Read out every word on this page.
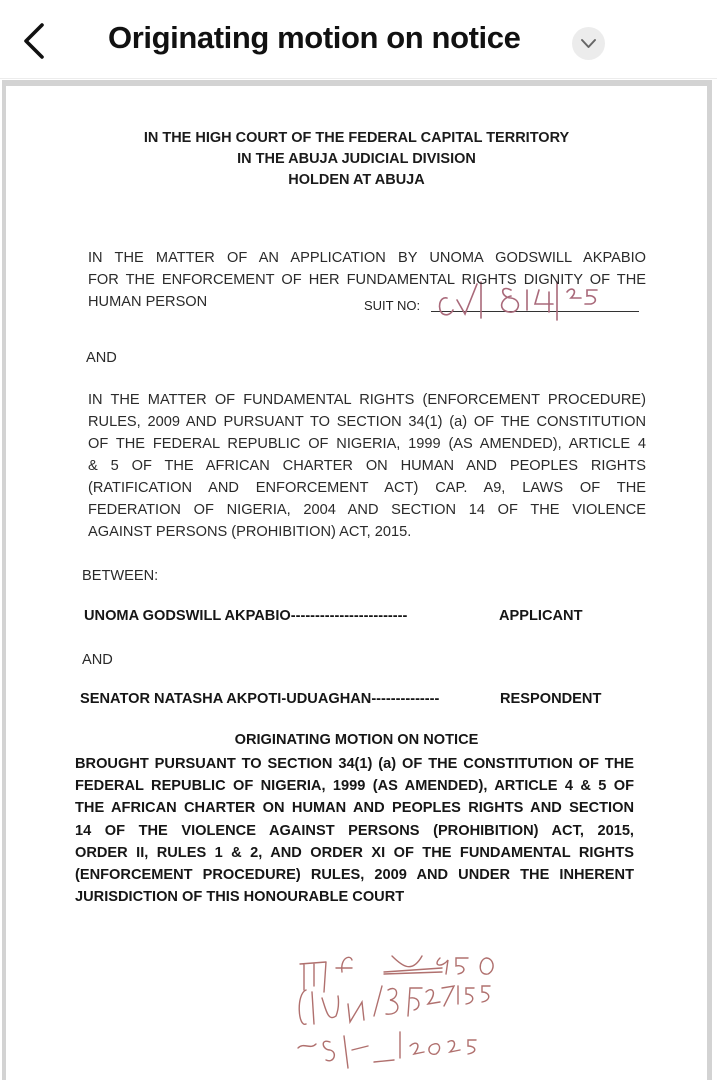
Originating motion on notice
IN THE HIGH COURT OF THE FEDERAL CAPITAL TERRITORY
IN THE ABUJA JUDICIAL DIVISION
HOLDEN AT ABUJA
SUIT NO:
IN THE MATTER OF AN APPLICATION BY UNOMA GODSWILL AKPABIO
FOR THE ENFORCEMENT OF HER FUNDAMENTAL RIGHTS DIGNITY OF THE
HUMAN PERSON
AND
IN THE MATTER OF FUNDAMENTAL RIGHTS (ENFORCEMENT PROCEDURE)
RULES, 2009 AND PURSUANT TO SECTION 34(1) (a) OF THE CONSTITUTION
OF THE FEDERAL REPUBLIC OF NIGERIA, 1999 (AS AMENDED), ARTICLE 4
& 5 OF THE AFRICAN CHARTER ON HUMAN AND PEOPLES RIGHTS
(RATIFICATION AND ENFORCEMENT ACT) CAP. A9, LAWS OF THE
FEDERATION OF NIGERIA, 2004 AND SECTION 14 OF THE VIOLENCE
AGAINST PERSONS (PROHIBITION) ACT, 2015.
BETWEEN:
UNOMA GODSWILL AKPABIO------------------------	APPLICANT
AND
SENATOR NATASHA AKPOTI-UDUAGHAN--------------	RESPONDENT
ORIGINATING MOTION ON NOTICE
BROUGHT PURSUANT TO SECTION 34(1) (a) OF THE CONSTITUTION OF THE
FEDERAL REPUBLIC OF NIGERIA, 1999 (AS AMENDED), ARTICLE 4 & 5 OF
THE AFRICAN CHARTER ON HUMAN AND PEOPLES RIGHTS AND SECTION
14 OF THE VIOLENCE AGAINST PERSONS (PROHIBITION) ACT, 2015,
ORDER II, RULES 1 & 2, AND ORDER XI OF THE FUNDAMENTAL RIGHTS
(ENFORCEMENT PROCEDURE) RULES, 2009 AND UNDER THE INHERENT
JURISDICTION OF THIS HONOURABLE COURT
